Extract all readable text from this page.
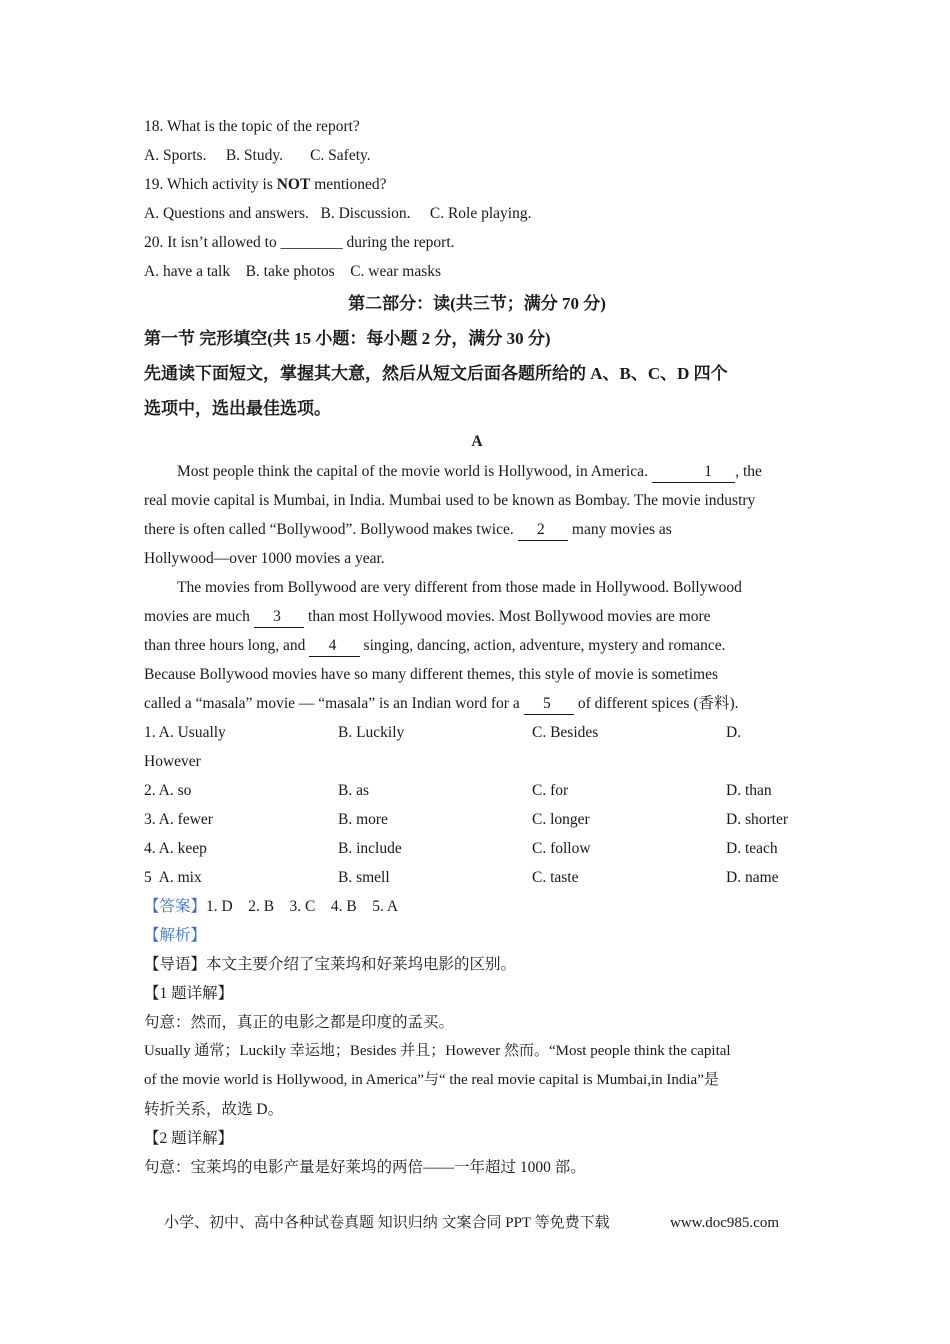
18. What is the topic of the report?
A. Sports.     B. Study.       C. Safety.
19. Which activity is NOT mentioned?
A. Questions and answers.   B. Discussion.     C. Role playing.
20. It isn’t allowed to ________ during the report.
A. have a talk    B. take photos    C. wear masks
第二部分：读(共三节；满分 70 分)
第一节 完形填空(共 15 小题：每小题 2 分，满分 30 分)
先通读下面短文，掌握其大意，然后从短文后面各题所给的 A、B、C、D 四个
选项中，选出最佳选项。
A
Most people think the capital of the movie world is Hollywood, in America.	1 , the
real movie capital is Mumbai, in India. Mumbai used to be known as Bombay. The movie industry
there is often called “Bollywood”. Bollywood makes twice.      2       many movies as
Hollywood—over 1000 movies a year.
The movies from Bollywood are very different from those made in Hollywood. Bollywood
movies are much      3       than most Hollywood movies. Most Bollywood movies are more
than three hours long, and      4       singing, dancing, action, adventure, mystery and romance.
Because Bollywood movies have so many different themes, this style of movie is sometimes
called a “masala” movie — “masala” is an Indian word for a      5       of different spices (香料).
1. A. Usually	B. Luckily	C. Besides	D.
However
2. A. so	B. as	C. for	D. than
3. A. fewer	B. more	C. longer	D. shorter
4. A. keep	B. include	C. follow	D. teach
5  A. mix	B. smell	C. taste	D. name
【答案】1. D    2. B    3. C    4. B    5. A
【解析】
【导语】本文主要介绍了宝莱坞和好莱坞电影的区别。
【1 题详解】
句意：然而，真正的电影之都是印度的孟买。
Usually 通常；Luckily 幸运地；Besides 并且；However 然而。“Most people think the capital
of the movie world is Hollywood, in America”与“ the real movie capital is Mumbai,in India”是
转折关系，故选 D。
【2 题详解】
句意：宝莱坞的电影产量是好莱坞的两倍——一年超过 1000 部。
小学、初中、高中各种试卷真题 知识归纳 文案合同 PPT 等免费下载	www.doc985.com
